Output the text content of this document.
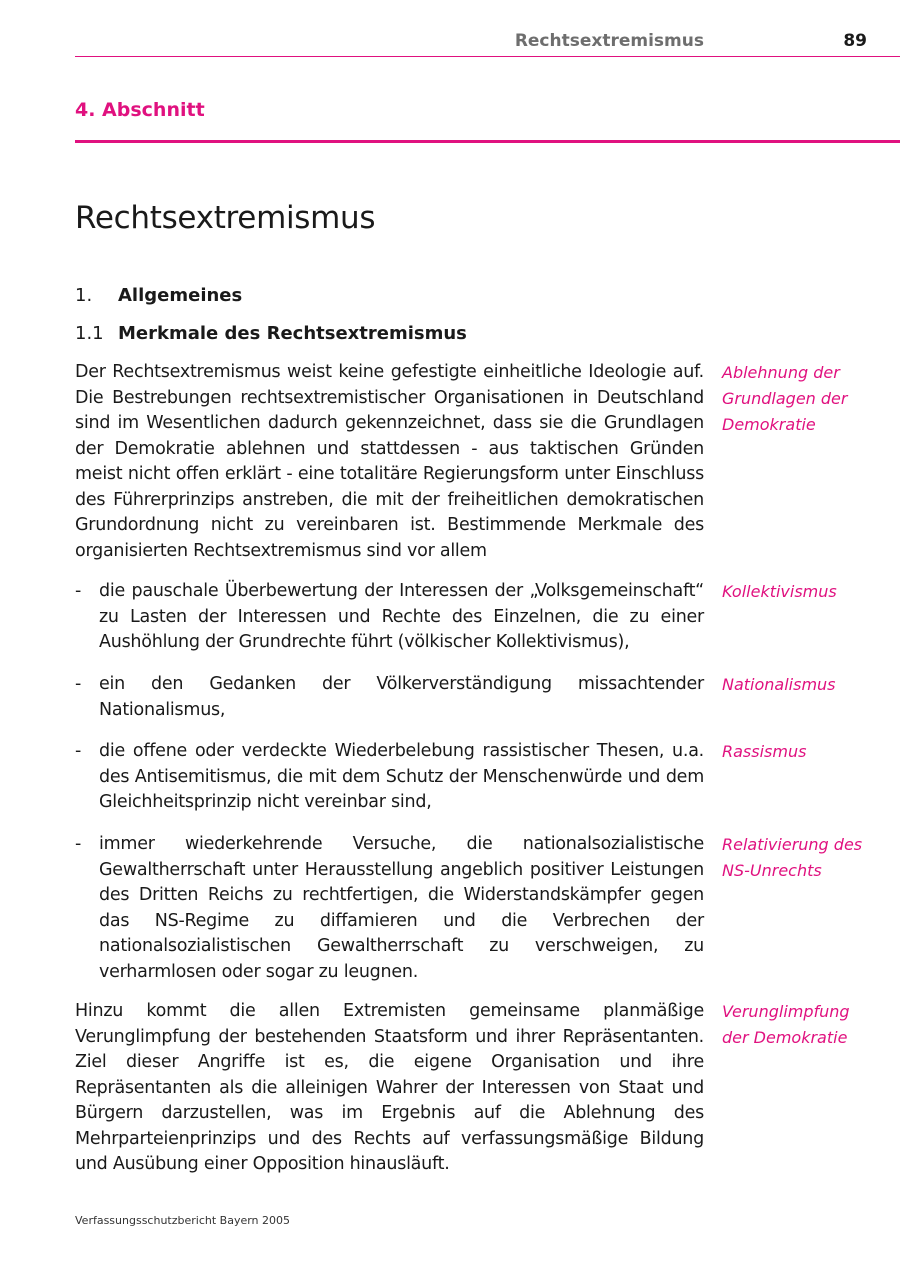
Rechtsextremismus	89
4. Abschnitt
Rechtsextremismus
1. Allgemeines
1.1 Merkmale des Rechtsextremismus

Der Rechtsextremismus weist keine gefestigte einheitliche Ideologie auf. Die Bestrebungen rechtsextremistischer Organisationen in Deutschland sind im Wesentlichen dadurch gekennzeichnet, dass sie die Grundlagen der Demokratie ablehnen und stattdessen - aus taktischen Gründen meist nicht offen erklärt - eine totalitäre Regierungsform unter Einschluss des Führerprinzips anstreben, die mit der freiheitlichen demokratischen Grundordnung nicht zu vereinbaren ist. Bestimmende Merkmale des organisierten Rechtsextremismus sind vor allem

Ablehnung der
Grundlagen der
Demokratie
- die pauschale Überbewertung der Interessen der „Volksgemeinschaft“ zu Lasten der Interessen und Rechte des Einzelnen, die zu einer Aushöhlung der Grundrechte führt (völkischer Kollektivismus),
Kollektivismus
- ein den Gedanken der Völkerverständigung missachtender Nationalismus,
Nationalismus
- die offene oder verdeckte Wiederbelebung rassistischer Thesen, u.a. des Antisemitismus, die mit dem Schutz der Menschenwürde und dem Gleichheitsprinzip nicht vereinbar sind,
Rassismus
- immer wiederkehrende Versuche, die nationalsozialistische Gewaltherrschaft unter Herausstellung angeblich positiver Leistungen des Dritten Reichs zu rechtfertigen, die Widerstandskämpfer gegen das NS-Regime zu diffamieren und die Verbrechen der nationalsozialistischen Gewaltherrschaft zu verschweigen, zu verharmlosen oder sogar zu leugnen.
Relativierung des
NS-Unrechts

Hinzu kommt die allen Extremisten gemeinsame planmäßige Verunglimpfung der bestehenden Staatsform und ihrer Repräsentanten. Ziel dieser Angriffe ist es, die eigene Organisation und ihre Repräsentanten als die alleinigen Wahrer der Interessen von Staat und Bürgern darzustellen, was im Ergebnis auf die Ablehnung des Mehrparteienprinzips und des Rechts auf verfassungsmäßige Bildung und Ausübung einer Opposition hinausläuft.

Verunglimpfung
der Demokratie
Verfassungsschutzbericht Bayern 2005
